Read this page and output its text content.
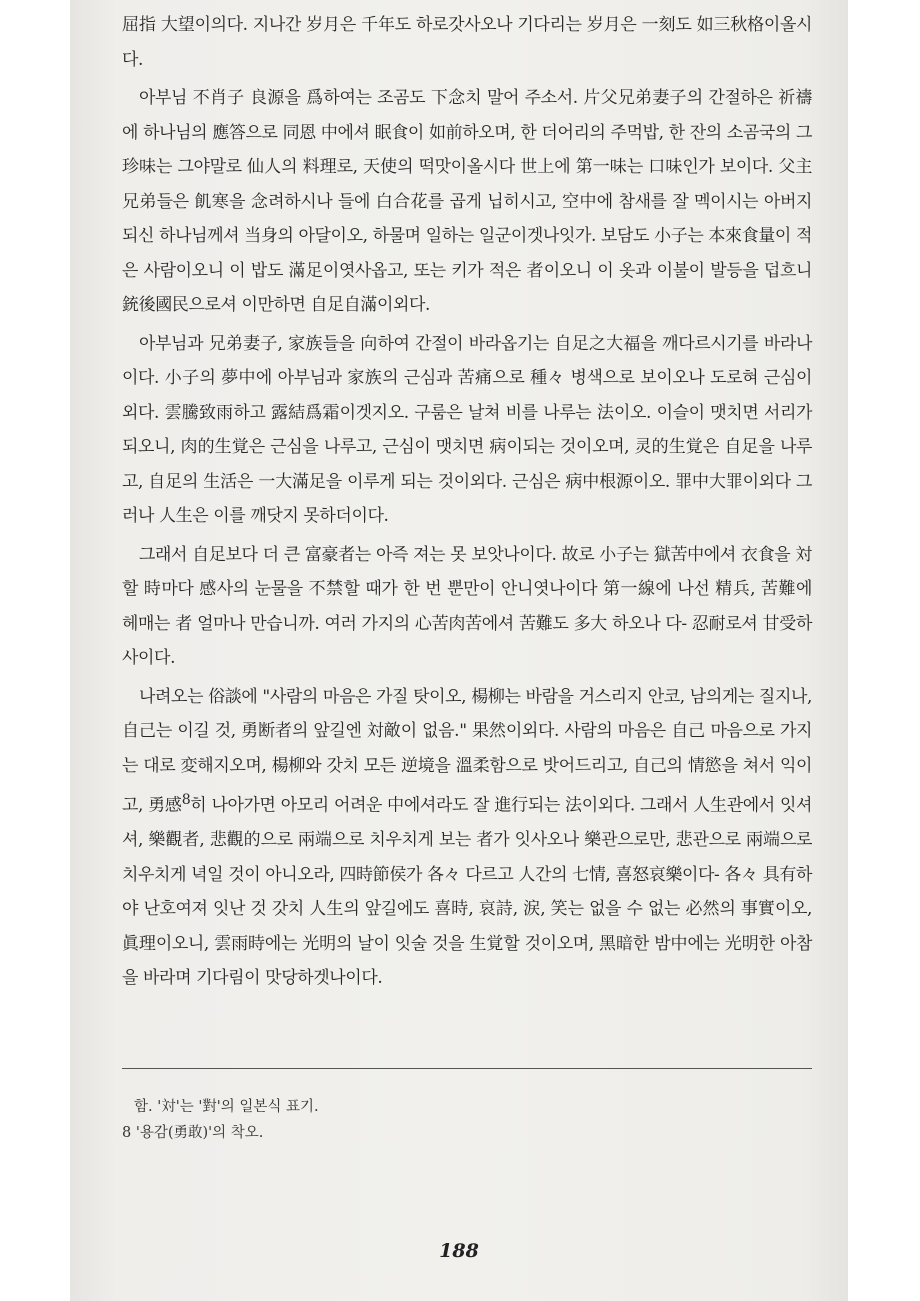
屈指 大望이의다. 지나간 岁月은 千年도 하로갓사오나 기다리는 岁月은 一刻도 如三秋格이올시다.

아부님 不肖子 良源을 爲하여는 조곰도 下念치 말어 주소서. 片父兄弟妻子의 간절하은 祈禱에 하나님의 應答으로 同恩 中에셔 眠食이 如前하오며, 한 더어리의 주먹밥, 한 잔의 소곰국의 그 珍味는 그야말로 仙人의 料理로, 天使의 떡맛이올시다 世上에 第一味는 口味인가 보이다. 父主兄弟들은 飢寒을 念려하시나 들에 白合花를 곱게 닙히시고, 空中에 참새를 잘 멕이시는 아버지 되신 하나님께셔 当身의 아달이오, 하물며 일하는 일군이겟나잇가. 보담도 小子는 本來食量이 적은 사람이오니 이 밥도 滿足이엿사옵고, 또는 키가 적은 者이오니 이 옷과 이불이 발등을 덥흐니 銃後國民으로셔 이만하면 自足自滿이외다.

아부님과 兄弟妻子, 家族들을 向하여 간절이 바라옵기는 自足之大福을 깨다르시기를 바라나이다. 小子의 夢中에 아부님과 家族의 근심과 苦痛으로 種々 병색으로 보이오나 도로혀 근심이외다. 雲騰致雨하고 露結爲霜이겟지오. 구룸은 날쳐 비를 나루는 法이오. 이슬이 맷치면 서리가 되오니, 肉的生覚은 근심을 나루고, 근심이 맷치면 病이되는 것이오며, 灵的生覚은 自足을 나루고, 自足의 生活은 一大滿足을 이루게 되는 것이외다. 근심은 病中根源이오. 罪中大罪이외다 그러나 人生은 이를 깨닷지 못하더이다.

그래서 自足보다 더 큰 富豪者는 아즉 져는 못 보앗나이다. 故로 小子는 獄苦中에셔 衣食을 対할 時마다 感사의 눈물을 不禁할 때가 한 번 뿐만이 안니엿나이다 第一線에 나선 精兵, 苦難에 헤매는 者 얼마나 만습니까. 여러 가지의 心苦肉苦에셔 苦難도 多大 하오나 다- 忍耐로셔 甘受하사이다.

나려오는 俗談에 "사람의 마음은 가질 탓이오, 楊柳는 바람을 거스리지 안코, 남의게는 질지나, 自己는 이길 것, 勇断者의 앞길엔 対敵이 없음." 果然이외다. 사람의 마음은 自己 마음으로 가지는 대로 変해지오며, 楊柳와 갓치 모든 逆境을 溫柔함으로 밧어드리고, 自己의 情慾을 쳐서 익이고, 勇感$^8$히 나아가면 아모리 어려운 中에셔라도 잘 進行되는 法이외다. 그래서 人生관에서 잇셔셔, 樂觀者, 悲觀的으로 兩端으로 치우치게 보는 者가 잇사오나 樂관으로만, 悲관으로 兩端으로 치우치게 녁일 것이 아니오라, 四時節侯가 各々 다르고 人간의 七情, 喜怒哀樂이다- 各々 具有하야 난호여져 잇난 것 갓치 人生의 앞길에도 喜時, 哀詩, 涙, 笑는 없을 수 없는 必然의 事實이오, 眞理이오니, 雲雨時에는 光明의 날이 잇술 것을 生覚할 것이오며, 黑暗한 밤中에는 光明한 아참을 바라며 기다림이 맛당하겟나이다.

함. '対'는 '對'의 일본식 표기.
8 '용감(勇敢)'의 착오.
188
